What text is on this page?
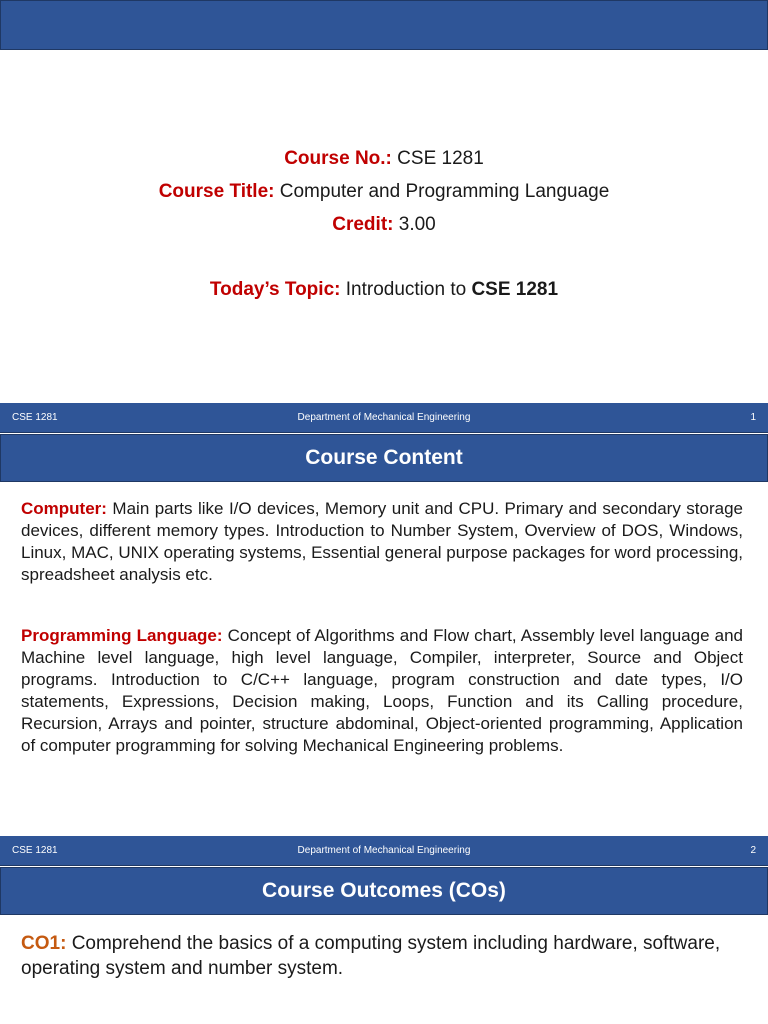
Course No.: CSE 1281
Course Title: Computer and Programming Language
Credit: 3.00
Today’s Topic: Introduction to CSE 1281
CSE 1281	Department of Mechanical Engineering	1
Course Content
Computer: Main parts like I/O devices, Memory unit and CPU. Primary and secondary storage devices, different memory types. Introduction to Number System, Overview of DOS, Windows, Linux, MAC, UNIX operating systems, Essential general purpose packages for word processing, spreadsheet analysis etc.
Programming Language: Concept of Algorithms and Flow chart, Assembly level language and Machine level language, high level language, Compiler, interpreter, Source and Object programs. Introduction to C/C++ language, program construction and date types, I/O statements, Expressions, Decision making, Loops, Function and its Calling procedure, Recursion, Arrays and pointer, structure abdominal, Object-oriented programming, Application of computer programming for solving Mechanical Engineering problems.
CSE 1281	Department of Mechanical Engineering	2
Course Outcomes (COs)
CO1: Comprehend the basics of a computing system including hardware, software, operating system and number system.
